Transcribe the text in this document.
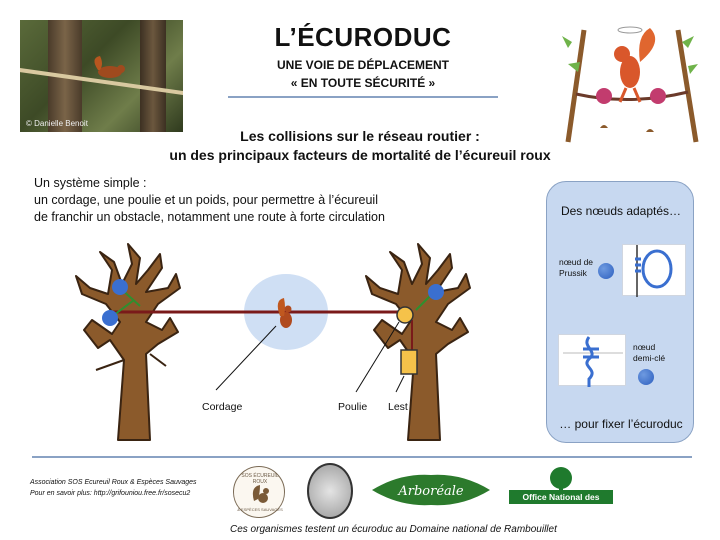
© Danielle Benoit
L’ÉCURODUC
UNE VOIE DE DÉPLACEMENT
« EN TOUTE SÉCURITÉ »
Les collisions sur le réseau routier :
un des principaux facteurs de mortalité de l’écureuil roux
Un système simple :
un cordage, une poulie et un poids, pour permettre à l’écureuil
de franchir un obstacle, notamment une route à forte circulation
Cordage	Poulie Lest
Des nœuds adaptés…
nœud de
Prussik
nœud
demi-clé
… pour fixer l’écuroduc
Association SOS Ecureuil Roux & Espèces Sauvages
Pour en savoir plus: http://grifouniou.free.fr/sosecu2
SOS ÉCUREUIL ROUX
& ESPÈCES SAUVAGES
Arboréale	Office National des Forêts
Ces organismes testent un écuroduc au Domaine national de Rambouillet
